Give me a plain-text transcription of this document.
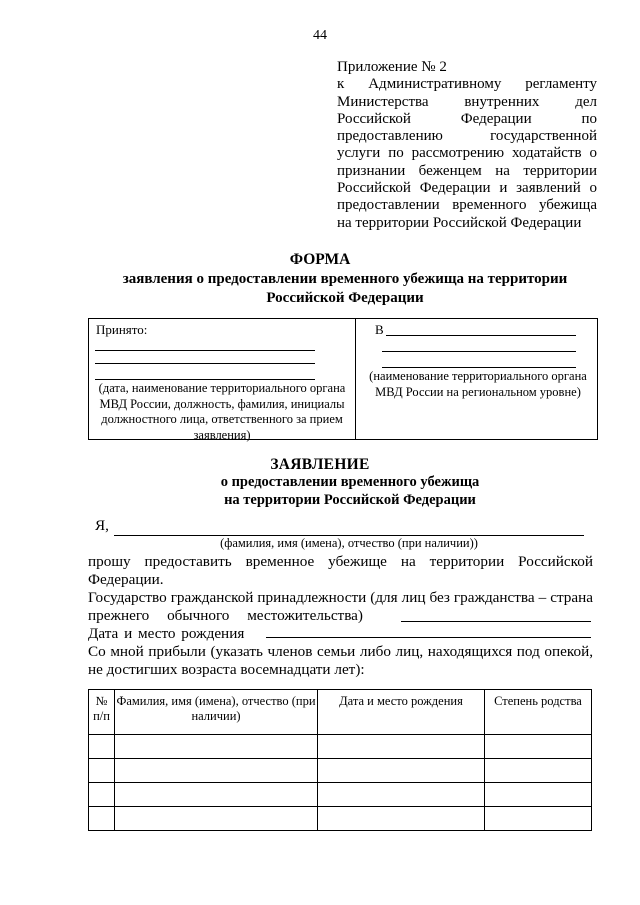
44
Приложение № 2
к Административному регламенту
Министерства внутренних дел
Российской Федерации по
предоставлению государственной
услуги по рассмотрению ходатайств о
признании беженцем на территории
Российской Федерации и заявлений о
предоставлении временного убежища
на территории Российской Федерации
ФОРМА
заявления о предоставлении временного убежища на территории
Российской Федерации
Принято:
(дата, наименование территориального органа МВД России, должность, фамилия, инициалы должностного лица, ответственного за прием заявления)
В
(наименование территориального органа МВД России на региональном уровне)
ЗАЯВЛЕНИЕ
о предоставлении временного убежища
на территории Российской Федерации
Я,
(фамилия, имя (имена), отчество (при наличии))
прошу предоставить временное убежище на территории Российской
Федерации.
Государство гражданской принадлежности (для лиц без гражданства – страна
прежнего обычного местожительства)
Дата и место рождения
Со мной прибыли (указать членов семьи либо лиц, находящихся под опекой,
не достигших возраста восемнадцати лет):
№ п/п	Фамилия, имя (имена), отчество (при наличии)	Дата и место рождения	Степень родства
